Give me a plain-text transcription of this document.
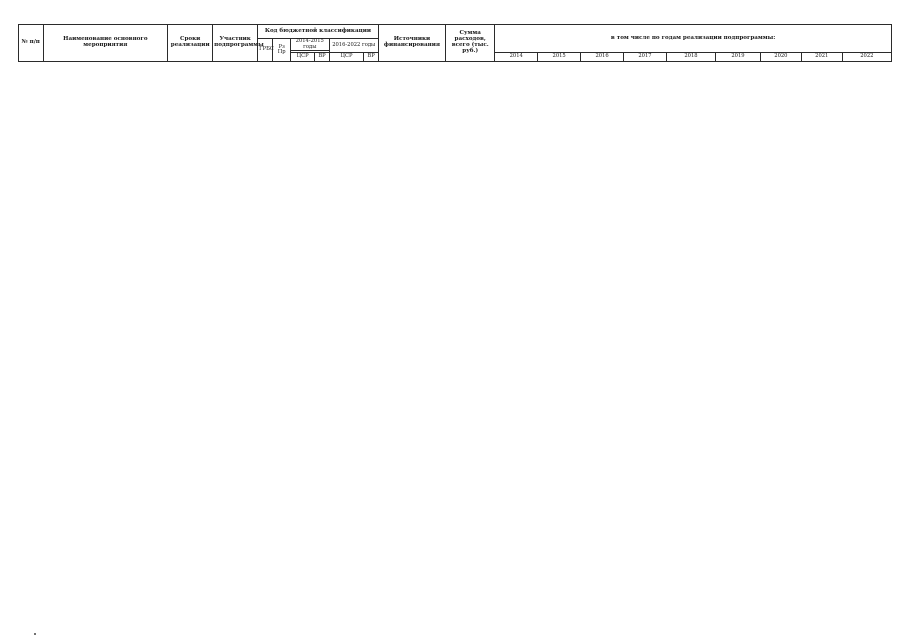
№ п/п	Наименование основного мероприятия	Сроки реализации	Участник подпрограммы	Код бюджетной классификации						Источники финансирования	Сумма расходов, всего (тыс. руб.)	в том числе по годам реализации подпрограммы:								
				ГРБС	Рз Пр	2014-2015 годы		2016-2022 годы												

						ЦСР	ВР	ЦСР	ВР			2014	2015	2016	2017	2018	2019	2020	2021	2022
